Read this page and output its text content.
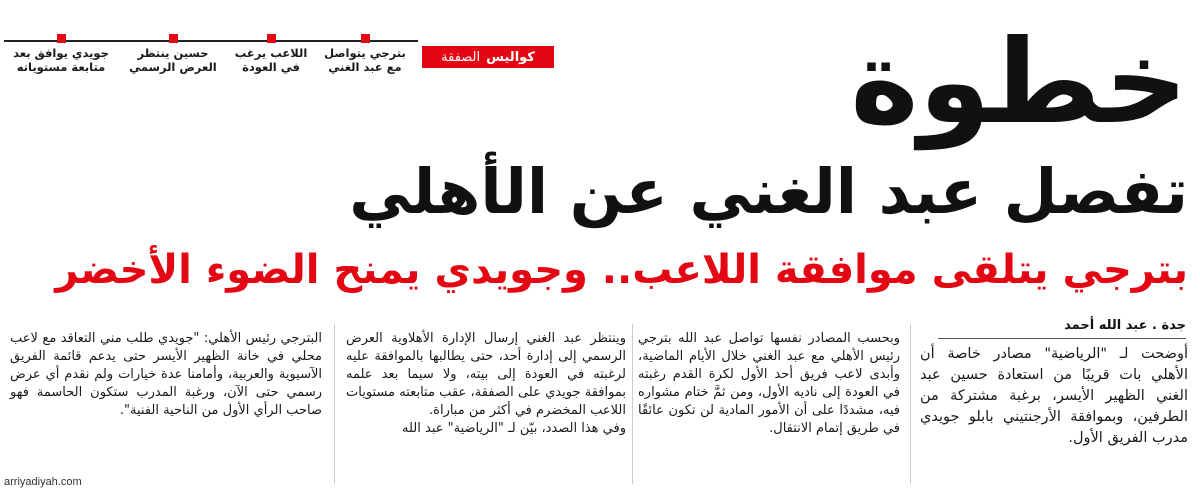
بترجي يتواصل
مع عبد الغني
اللاعب يرغب
في العودة
حسين ينتظر
العرض الرسمي
جويدي يوافق بعد
متابعة مستوياته
كواليس
الصفقة	خطوة
تفصل عبد الغني عن الأهلي
بترجي يتلقى موافقة اللاعب.. وجويدي يمنح الضوء الأخضر
جدة . عبد الله أحمد
أوضحت لـ "الرياضية" مصادر خاصة أن الأهلي بات قريبًا من استعادة حسين عبد الغني الظهير الأيسر، برغبة مشتركة من الطرفين، وبموافقة الأرجنتيني بابلو جويدي مدرب الفريق الأول.
وبحسب المصادر نفسها تواصل عبد الله بترجي رئيس الأهلي مع عبد الغني خلال الأيام الماضية، وأبدى لاعب فريق أحد الأول لكرة القدم رغبته في العودة إلى ناديه الأول، ومن ثمَّ ختام مشواره فيه، مشددًا على أن الأمور المادية لن تكون عائقًا في طريق إتمام الانتقال.
وينتظر عبد الغني إرسال الإدارة الأهلاوية العرض الرسمي إلى إدارة أحد، حتى يطالبها بالموافقة عليه لرغبته في العودة إلى بيته، ولا سيما بعد علمه بموافقة جويدي على الصفقة، عقب متابعته مستويات اللاعب المخضرم في أكثر من مباراة.
وفي هذا الصدد، بيّن لـ "الرياضية" عبد الله
البترجي رئيس الأهلي: "جويدي طلب مني التعاقد مع لاعب محلي في خانة الظهير الأيسر حتى يدعم قائمة الفريق الآسيوية والعربية، وأمامنا عدة خيارات ولم نقدم أي عرض رسمي حتى الآن، ورغبة المدرب ستكون الحاسمة فهو صاحب الرأي الأول من الناحية الفنية".
arriyadiyah.com
